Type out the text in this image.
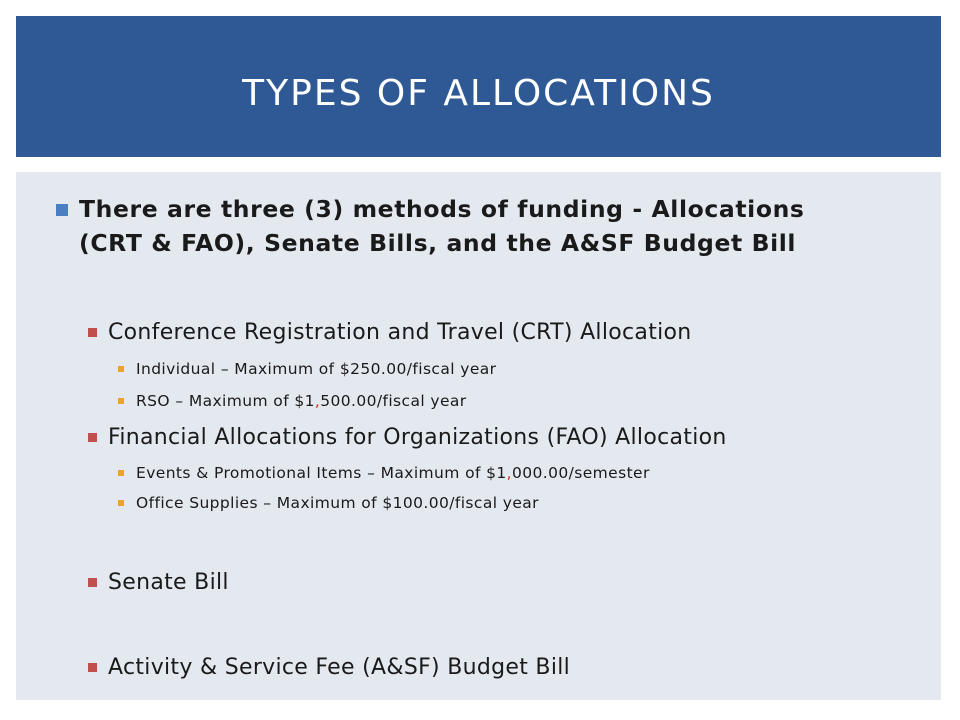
TYPES OF ALLOCATIONS
There are three (3) methods of funding - Allocations
(CRT & FAO), Senate Bills, and the A&SF Budget Bill
Conference Registration and Travel (CRT) Allocation
Individual – Maximum of $250.00/fiscal year
RSO – Maximum of $1,500.00/fiscal year
Financial Allocations for Organizations (FAO) Allocation
Events & Promotional Items – Maximum of $1,000.00/semester
Office Supplies – Maximum of $100.00/fiscal year
Senate Bill
Activity & Service Fee (A&SF) Budget Bill
